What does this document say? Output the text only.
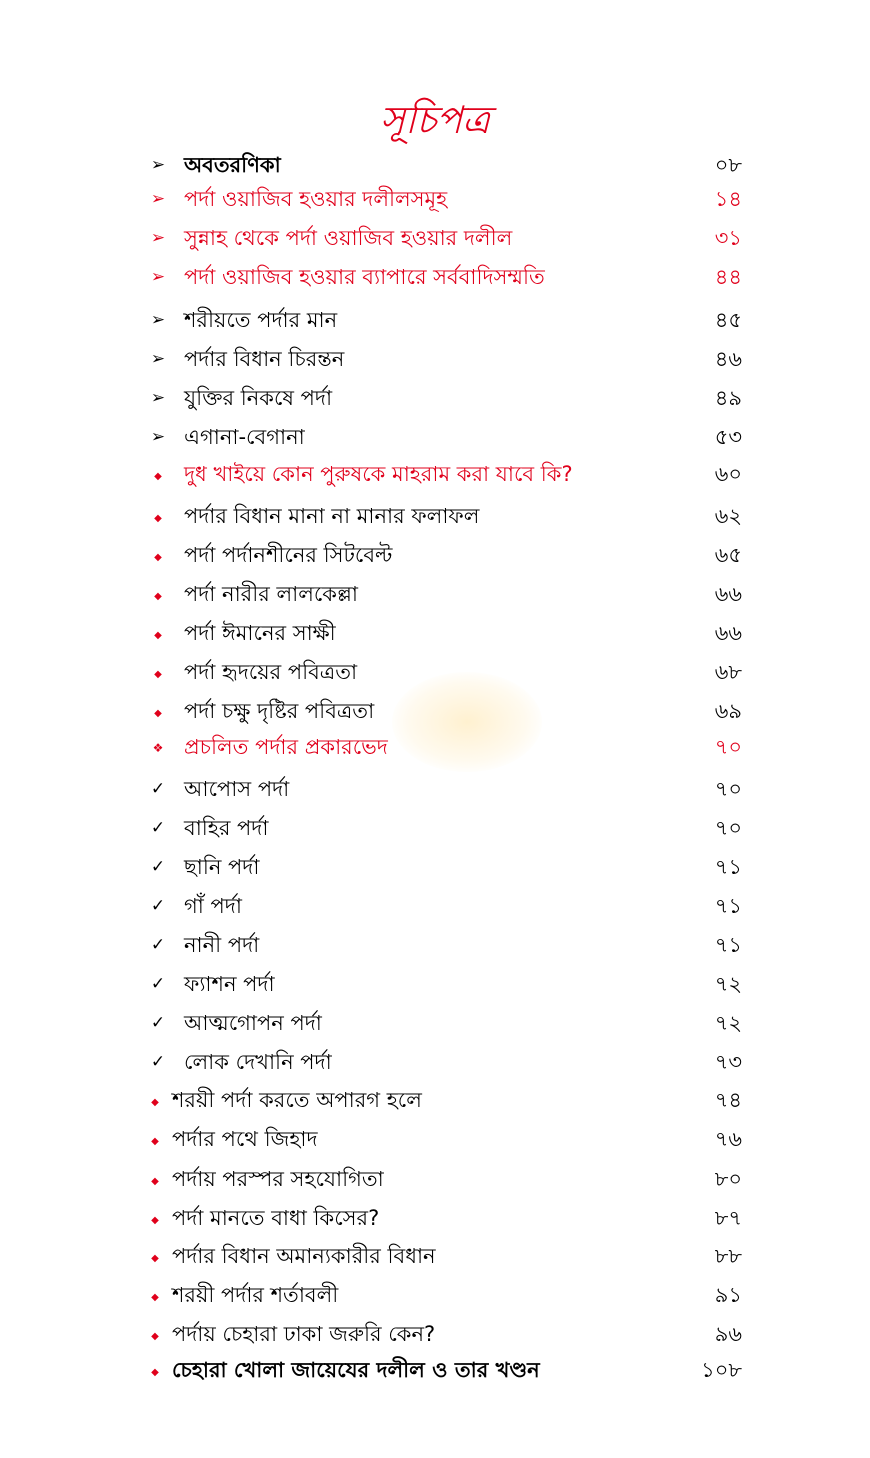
সূচিপত্র
➢
অবতরণিকা	০৮
➢
পর্দা ওয়াজিব হওয়ার দলীলসমূহ	১৪
➢
সুন্নাহ থেকে পর্দা ওয়াজিব হওয়ার দলীল	৩১
➢
পর্দা ওয়াজিব হওয়ার ব্যাপারে সর্ববাদিসম্মতি	৪৪
➢
শরীয়তে পর্দার মান	৪৫
➢
পর্দার বিধান চিরন্তন	৪৬
➢
যুক্তির নিকষে পর্দা	৪৯
➢
এগানা-বেগানা	৫৩
◆
দুধ খাইয়ে কোন পুরুষকে মাহরাম করা যাবে কি?	৬০
◆
পর্দার বিধান মানা না মানার ফলাফল	৬২
◆
পর্দা পর্দানশীনের সিটবেল্ট	৬৫
◆
পর্দা নারীর লালকেল্লা	৬৬
◆
পর্দা ঈমানের সাক্ষী	৬৬
◆
পর্দা হৃদয়ের পবিত্রতা	৬৮
◆
পর্দা চক্ষু দৃষ্টির পবিত্রতা	৬৯
❖
প্রচলিত পর্দার প্রকারভেদ	৭০
✓
আপোস পর্দা	৭০
✓
বাহির পর্দা	৭০
✓
ছানি পর্দা	৭১
✓
গাঁ পর্দা	৭১
✓
নানী পর্দা	৭১
✓
ফ্যাশন পর্দা	৭২
✓
আত্মগোপন পর্দা	৭২
✓
লোক দেখানি পর্দা	৭৩
◆
শরয়ী পর্দা করতে অপারগ হলে	৭৪
◆
পর্দার পথে জিহাদ	৭৬
◆
পর্দায় পরস্পর সহযোগিতা	৮০
◆
পর্দা মানতে বাধা কিসের?	৮৭
◆
পর্দার বিধান অমান্যকারীর বিধান	৮৮
◆
শরয়ী পর্দার শর্তাবলী	৯১
◆
পর্দায় চেহারা ঢাকা জরুরি কেন?	৯৬
◆
চেহারা খোলা জায়েযের দলীল ও তার খণ্ডন	১০৮
